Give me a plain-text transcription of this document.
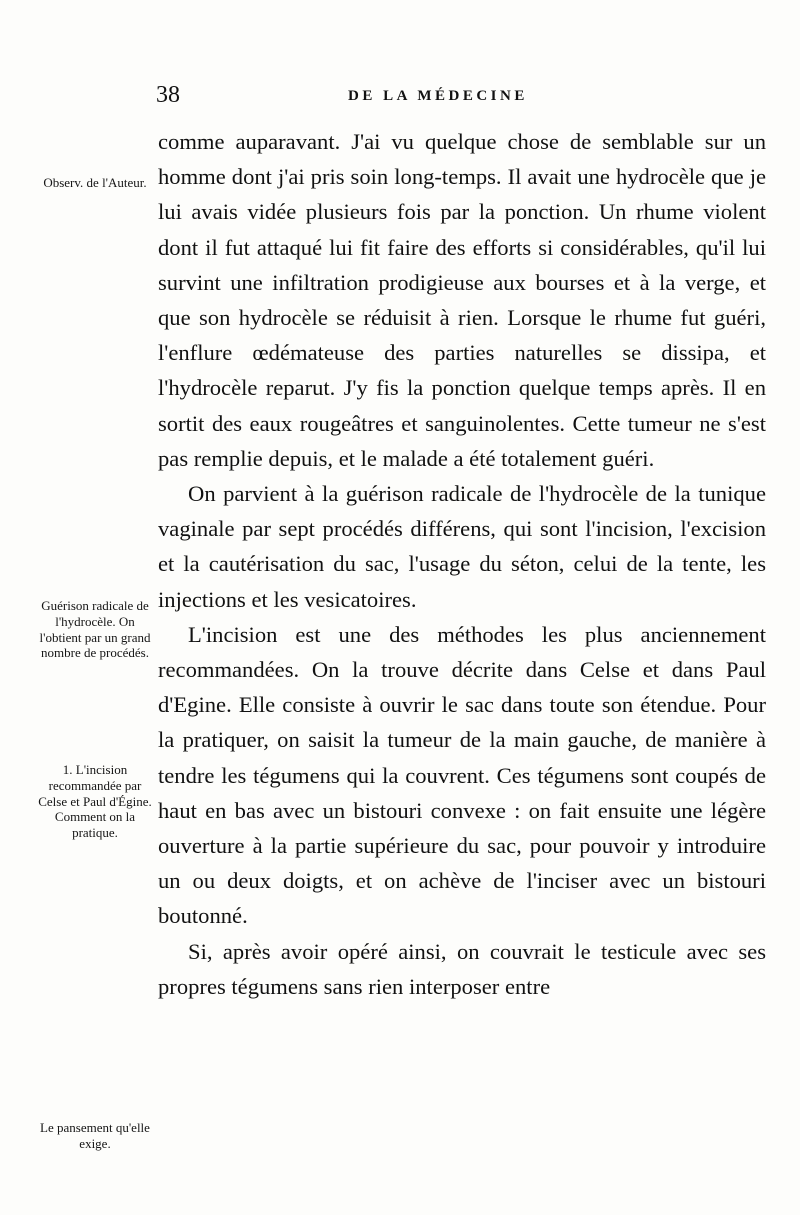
38	DE LA MÉDECINE
Observ. de l'Auteur.
Guérison radicale de l'hydrocèle. On l'obtient par un grand nombre de procédés.
1. L'incision recommandée par Celse et Paul d'Égine. Comment on la pratique.
Le pansement qu'elle exige.

comme auparavant. J'ai vu quelque chose de semblable sur un homme dont j'ai pris soin long-temps. Il avait une hydrocèle que je lui avais vidée plusieurs fois par la ponction. Un rhume violent dont il fut attaqué lui fit faire des efforts si considérables, qu'il lui survint une infiltration prodigieuse aux bourses et à la verge, et que son hydrocèle se réduisit à rien. Lorsque le rhume fut guéri, l'enflure œdémateuse des parties naturelles se dissipa, et l'hydrocèle reparut. J'y fis la ponction quelque temps après. Il en sortit des eaux rougeâtres et sanguinolentes. Cette tumeur ne s'est pas remplie depuis, et le malade a été totalement guéri.

On parvient à la guérison radicale de l'hydrocèle de la tunique vaginale par sept procédés différens, qui sont l'incision, l'excision et la cautérisation du sac, l'usage du séton, celui de la tente, les injections et les vesicatoires.

L'incision est une des méthodes les plus anciennement recommandées. On la trouve décrite dans Celse et dans Paul d'Egine. Elle consiste à ouvrir le sac dans toute son étendue. Pour la pratiquer, on saisit la tumeur de la main gauche, de manière à tendre les tégumens qui la couvrent. Ces tégumens sont coupés de haut en bas avec un bistouri convexe : on fait ensuite une légère ouverture à la partie supérieure du sac, pour pouvoir y introduire un ou deux doigts, et on achève de l'inciser avec un bistouri boutonné.

Si, après avoir opéré ainsi, on couvrait le testicule avec ses propres tégumens sans rien interposer entre
